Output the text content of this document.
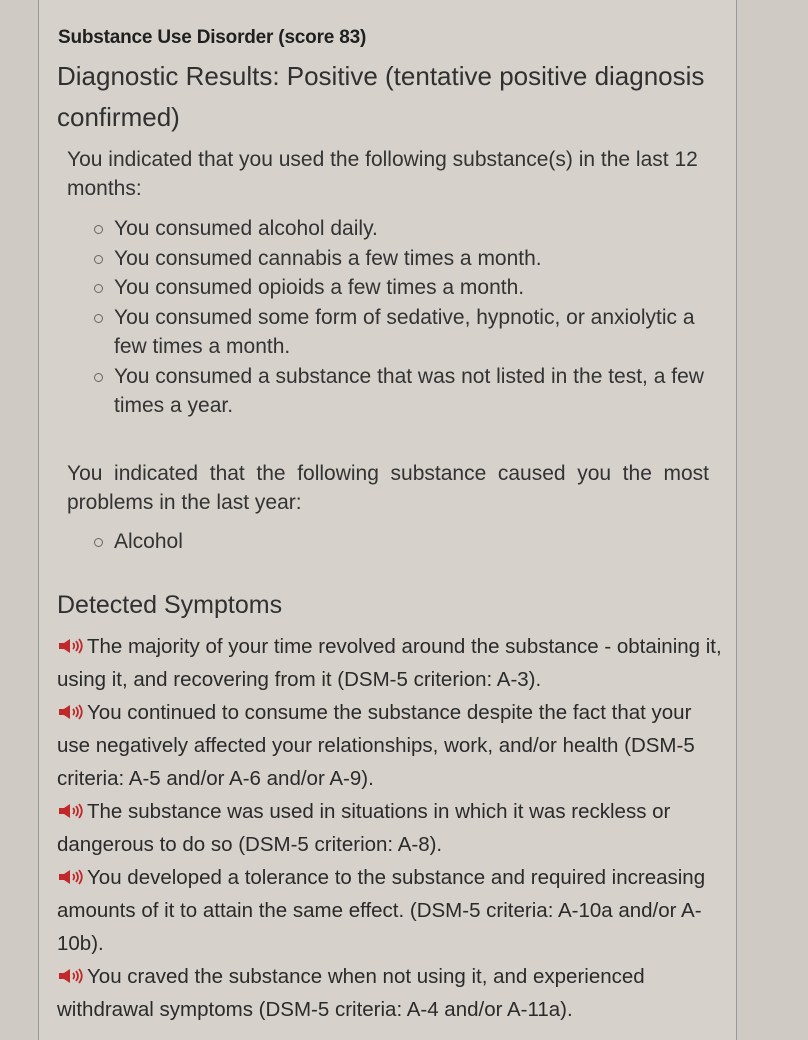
Substance Use Disorder (score 83)
Diagnostic Results: Positive (tentative positive diagnosis confirmed)
You indicated that you used the following substance(s) in the last 12 months:
You consumed alcohol daily.
You consumed cannabis a few times a month.
You consumed opioids a few times a month.
You consumed some form of sedative, hypnotic, or anxiolytic a few times a month.
You consumed a substance that was not listed in the test, a few times a year.
You indicated that the following substance caused you the most problems in the last year:
Alcohol
Detected Symptoms

The majority of your time revolved around the substance - obtaining it, using it, and recovering from it (DSM-5 criterion: A-3).

You continued to consume the substance despite the fact that your use negatively affected your relationships, work, and/or health (DSM-5 criteria: A-5 and/or A-6 and/or A-9).

The substance was used in situations in which it was reckless or dangerous to do so (DSM-5 criterion: A-8).

You developed a tolerance to the substance and required increasing amounts of it to attain the same effect. (DSM-5 criteria: A-10a and/or A-10b).

You craved the substance when not using it, and experienced withdrawal symptoms (DSM-5 criteria: A-4 and/or A-11a).
